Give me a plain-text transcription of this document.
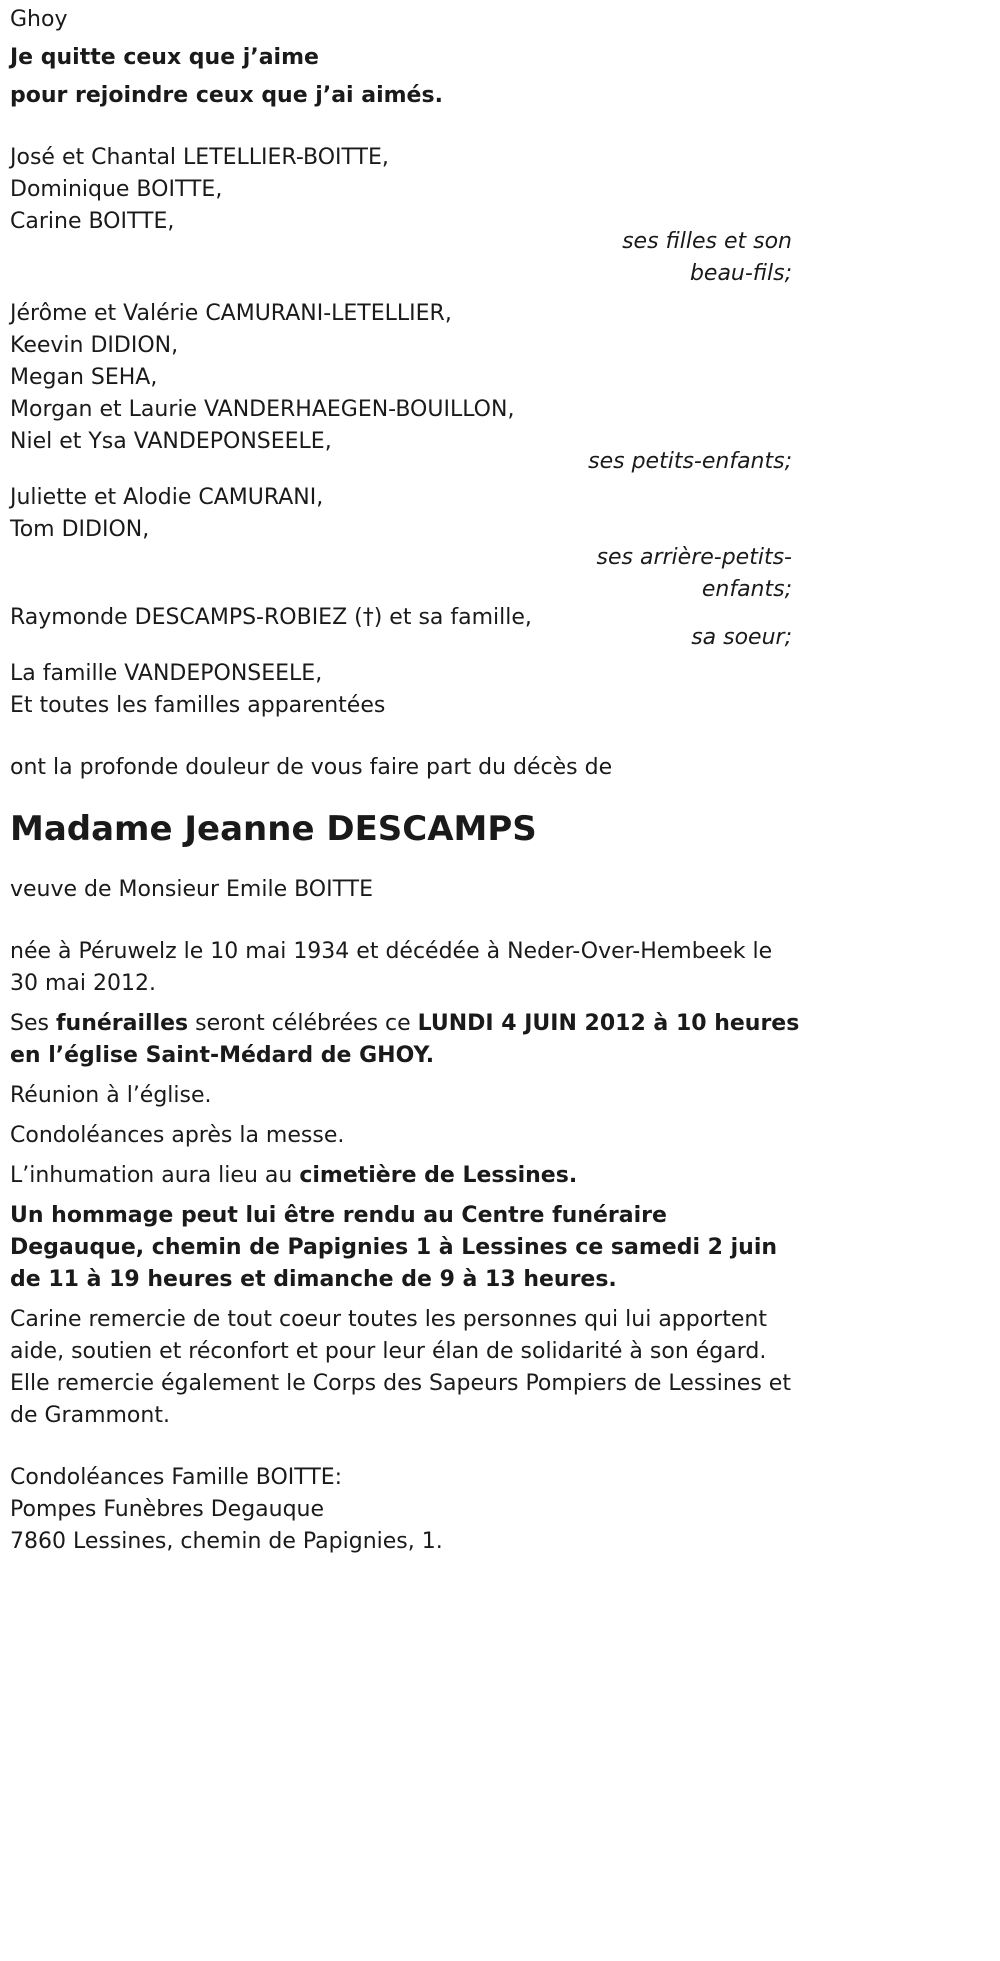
Ghoy
Je quitte ceux que j’aime
pour rejoindre ceux que j’ai aimés.
José et Chantal LETELLIER-BOITTE,
Dominique BOITTE,
Carine BOITTE,
ses filles et son
beau-fils;
Jérôme et Valérie CAMURANI-LETELLIER,
Keevin DIDION,
Megan SEHA,
Morgan et Laurie VANDERHAEGEN-BOUILLON,
Niel et Ysa VANDEPONSEELE,
ses petits-enfants;
Juliette et Alodie CAMURANI,
Tom DIDION,
ses arrière-petits-
enfants;
Raymonde DESCAMPS-ROBIEZ (†) et sa famille,
sa soeur;
La famille VANDEPONSEELE,
Et toutes les familles apparentées
ont la profonde douleur de vous faire part du décès de
Madame Jeanne DESCAMPS
veuve de Monsieur Emile BOITTE
née à Péruwelz le 10 mai 1934 et décédée à Neder-Over-Hembeek le 30 mai 2012.
Ses funérailles seront célébrées ce LUNDI 4 JUIN 2012 à 10 heures en l’église Saint-Médard de GHOY.
Réunion à l’église.
Condoléances après la messe.
L’inhumation aura lieu au cimetière de Lessines.
Un hommage peut lui être rendu au Centre funéraire Degauque, chemin de Papignies 1 à Lessines ce samedi 2 juin de 11 à 19 heures et dimanche de 9 à 13 heures.
Carine remercie de tout coeur toutes les personnes qui lui apportent aide, soutien et réconfort et pour leur élan de solidarité à son égard. Elle remercie également le Corps des Sapeurs Pompiers de Lessines et de Grammont.
Condoléances Famille BOITTE:
Pompes Funèbres Degauque
7860 Lessines, chemin de Papignies, 1.
